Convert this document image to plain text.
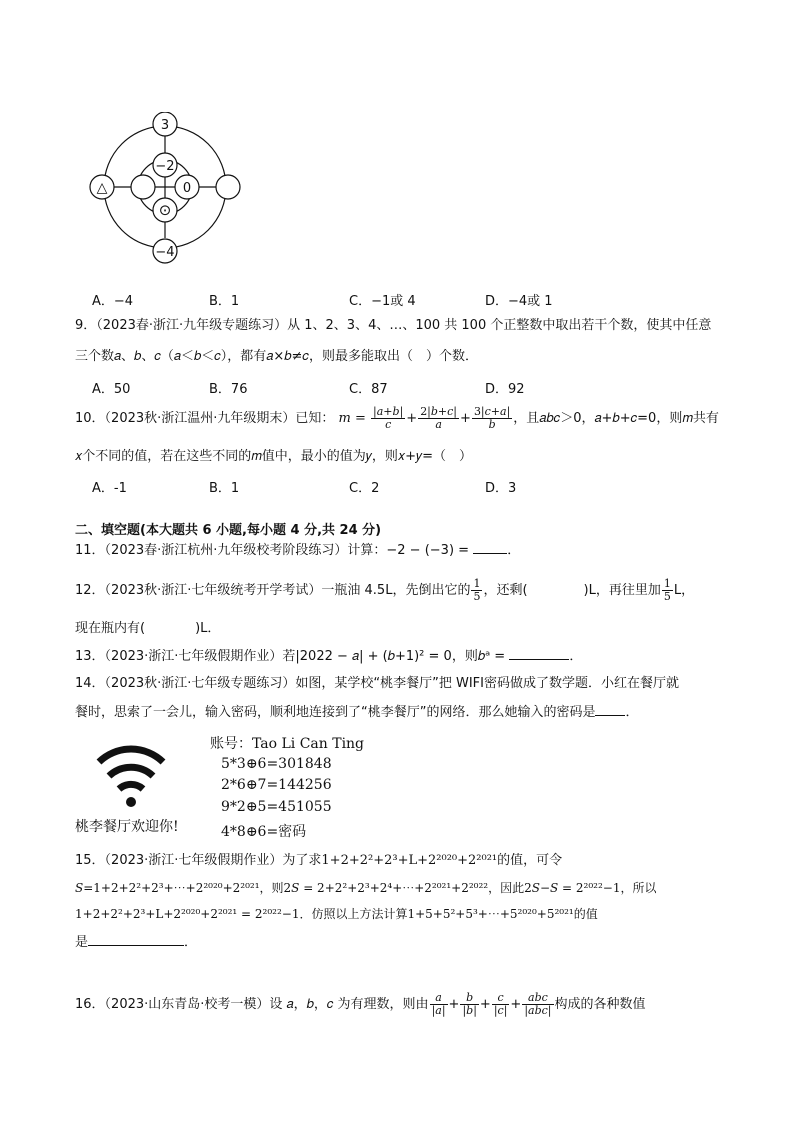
3
−2
0
−4
△
⊙
A．−4	B．1	C．−1或 4	D．−4或 1
9．（2023春·浙江·九年级专题练习）从 1、2、3、4、…、100 共 100 个正整数中取出若干个数，使其中任意
三个数𝑎、𝑏、𝑐（𝑎＜𝑏＜𝑐），都有𝑎×𝑏≠𝑐，则最多能取出（　）个数．
A．50	B．76	C．87	D．92
10．（2023秋·浙江温州·九年级期末）已知： 𝑚 = $\frac{\text{|𝑎+𝑏|}}{\text{𝑐}} + \frac{\text{2|𝑏+𝑐|}}{\text{𝑎}} + \frac{\text{3|𝑐+𝑎|}}{\text{𝑏}}$ ，且𝑎𝑏𝑐＞0，𝑎+𝑏+𝑐=0，则𝑚共有
𝑥个不同的值，若在这些不同的𝑚值中，最小的值为𝑦，则𝑥+𝑦=（　）
A．-1	B．1	C．2	D．3
二、填空题(本大题共 6 小题,每小题 4 分,共 24 分)
11．（2023春·浙江杭州·九年级校考阶段练习）计算：−2 − (−3) =	．
12．（2023秋·浙江·七年级统考开学考试）一瓶油 4.5L，先倒出它的 $\frac{1}{5}$ ，还剩(	)L，再往里加 $\frac{1}{5}$ L，
现在瓶内有(	)L．
13．（2023·浙江·七年级假期作业）若|2022 − 𝑎| + (𝑏+1)² = 0，则𝑏ᵃ =	．
14．（2023秋·浙江·七年级专题练习）如图，某学校“桃李餐厅”把 WIFI密码做成了数学题．小红在餐厅就
餐时，思索了一会儿，输入密码，顺利地连接到了“桃李餐厅”的网络．那么她输入的密码是 ．
桃李餐厅欢迎你!
账号：Tao Li Can Ting
5*3⊕6=301848
2*6⊕7=144256
9*2⊕5=451055
4*8⊕6=密码
15．（2023·浙江·七年级假期作业）为了求1+2+2²+2³+L+2²⁰²⁰+2²⁰²¹的值，可令
𝑆=1+2+2²+2³+⋯+2²⁰²⁰+2²⁰²¹，则2𝑆 = 2+2²+2³+2⁴+⋯+2²⁰²¹+2²⁰²²，因此2𝑆−𝑆 = 2²⁰²²−1，所以
1+2+2²+2³+L+2²⁰²⁰+2²⁰²¹ = 2²⁰²²−1．仿照以上方法计算1+5+5²+5³+⋯+5²⁰²⁰+5²⁰²¹的值
是	．
16．（2023·山东青岛·校考一模）设 𝑎，𝑏，𝑐 为有理数，则由 $\frac{\text{𝑎}}{\text{|𝑎|}} + \frac{\text{𝑏}}{\text{|𝑏|}} + \frac{\text{𝑐}}{\text{|𝑐|}} + \frac{\text{𝑎𝑏𝑐}}{\text{|𝑎𝑏𝑐|}}$ 构成的各种数值
